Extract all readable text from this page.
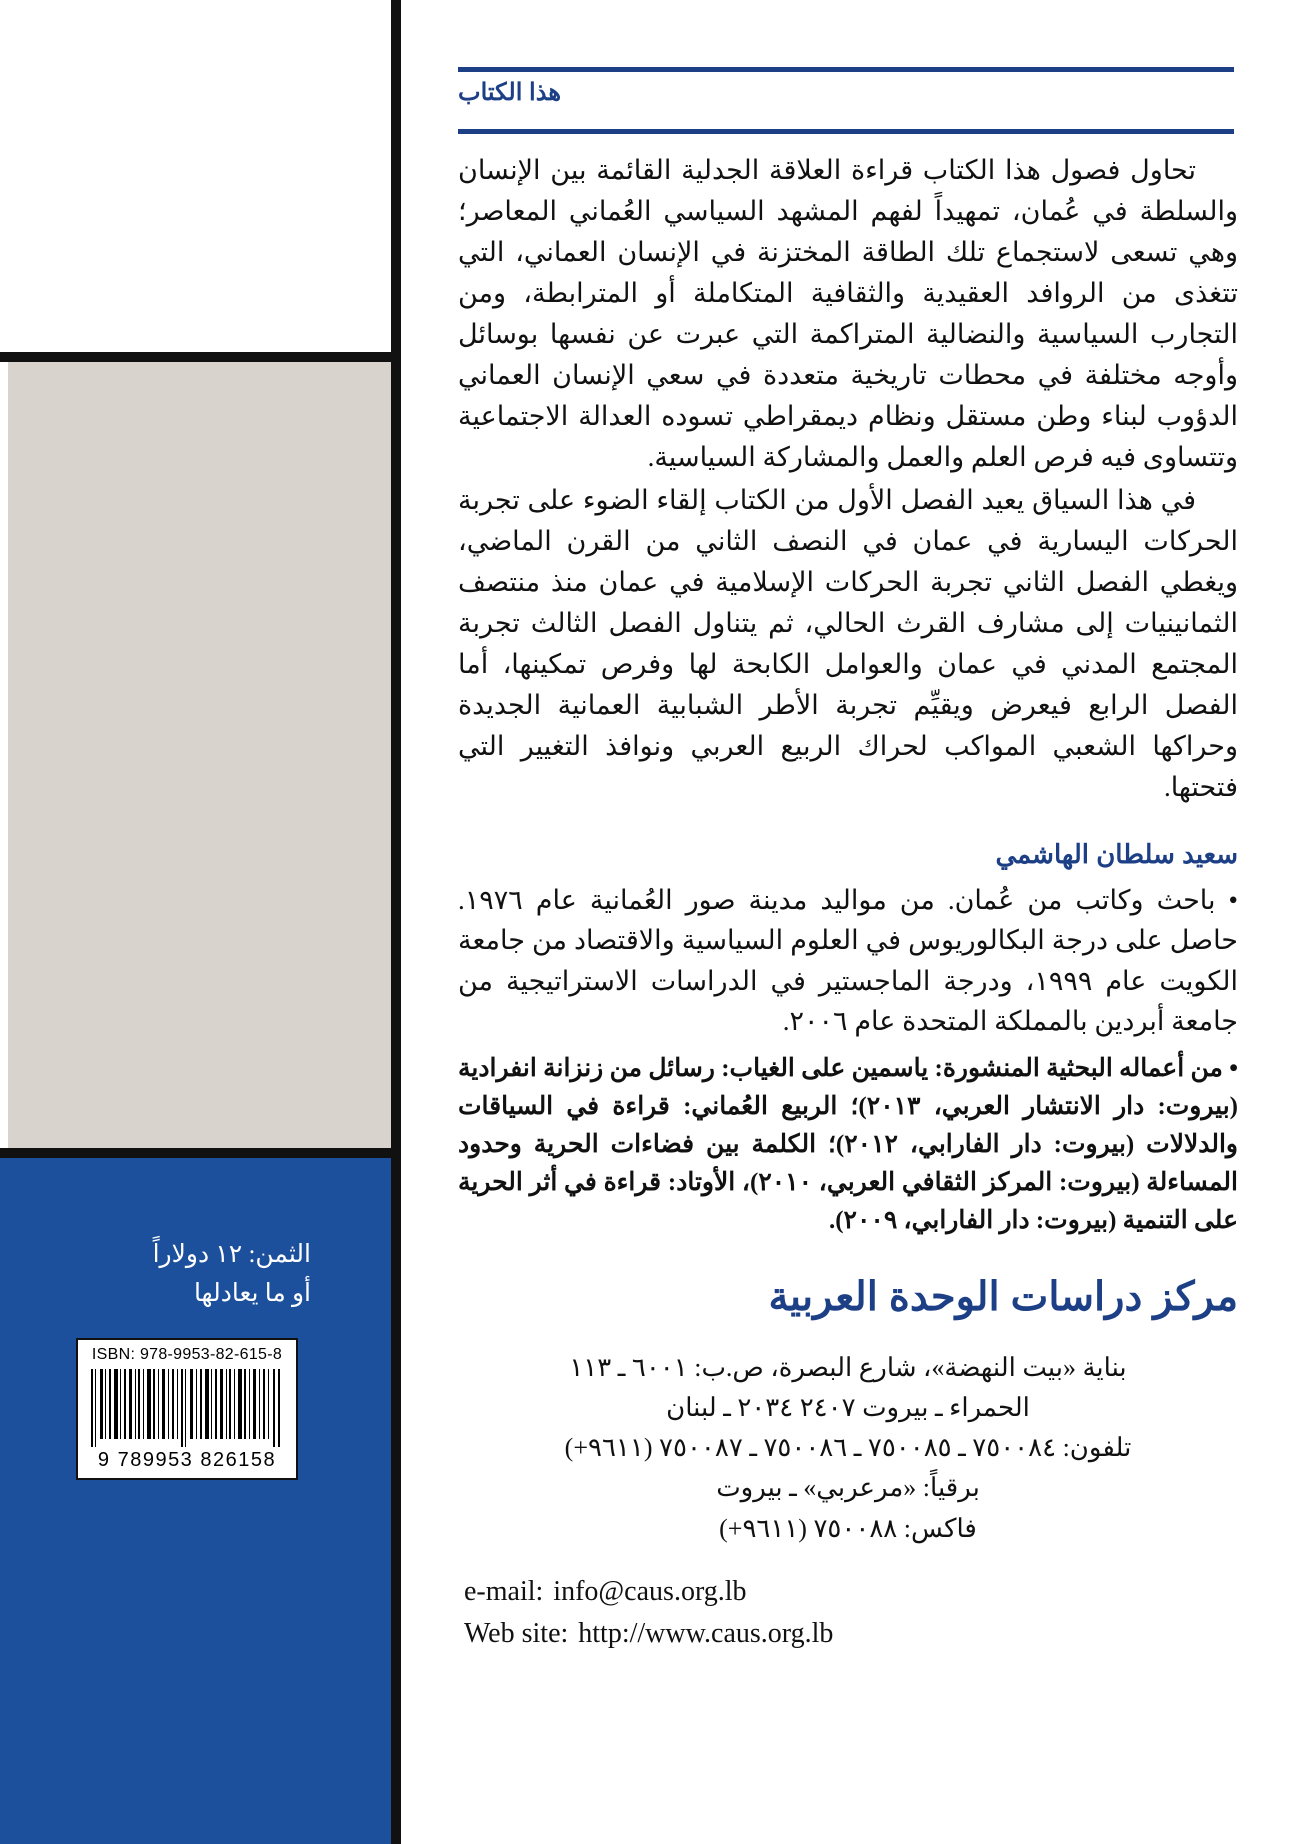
الثمن: ١٢ دولاراً
أو ما يعادلها
ISBN: 978-9953-82-615-8
9 789953 826158
هذا الكتاب

تحاول فصول هذا الكتاب قراءة العلاقة الجدلية القائمة بين الإنسان والسلطة في عُمان، تمهيداً لفهم المشهد السياسي العُماني المعاصر؛ وهي تسعى لاستجماع تلك الطاقة المختزنة في الإنسان العماني، التي تتغذى من الروافد العقيدية والثقافية المتكاملة أو المترابطة، ومن التجارب السياسية والنضالية المتراكمة التي عبرت عن نفسها بوسائل وأوجه مختلفة في محطات تاريخية متعددة في سعي الإنسان العماني الدؤوب لبناء وطن مستقل ونظام ديمقراطي تسوده العدالة الاجتماعية وتتساوى فيه فرص العلم والعمل والمشاركة السياسية.

في هذا السياق يعيد الفصل الأول من الكتاب إلقاء الضوء على تجربة الحركات اليسارية في عمان في النصف الثاني من القرن الماضي، ويغطي الفصل الثاني تجربة الحركات الإسلامية في عمان منذ منتصف الثمانينيات إلى مشارف القرث الحالي، ثم يتناول الفصل الثالث تجربة المجتمع المدني في عمان والعوامل الكابحة لها وفرص تمكينها، أما الفصل الرابع فيعرض ويقيِّم تجربة الأطر الشبابية العمانية الجديدة وحراكها الشعبي المواكب لحراك الربيع العربي ونوافذ التغيير التي فتحتها.

سعيد سلطان الهاشمي

• باحث وكاتب من عُمان. من مواليد مدينة صور العُمانية عام ١٩٧٦. حاصل على درجة البكالوريوس في العلوم السياسية والاقتصاد من جامعة الكويت عام ١٩٩٩، ودرجة الماجستير في الدراسات الاستراتيجية من جامعة أبردين بالمملكة المتحدة عام ٢٠٠٦.

• من أعماله البحثية المنشورة: ياسمين على الغياب: رسائل من زنزانة انفرادية (بيروت: دار الانتشار العربي، ٢٠١٣)؛ الربيع العُماني: قراءة في السياقات والدلالات (بيروت: دار الفارابي، ٢٠١٢)؛ الكلمة بين فضاءات الحرية وحدود المساءلة (بيروت: المركز الثقافي العربي، ٢٠١٠)، الأوتاد: قراءة في أثر الحرية على التنمية (بيروت: دار الفارابي، ٢٠٠٩).

مركز دراسات الوحدة العربية
بناية «بيت النهضة»، شارع البصرة، ص.ب: ٦٠٠١ ـ ١١٣
الحمراء ـ بيروت ٢٤٠٧ ٢٠٣٤ ـ لبنان
تلفون: ٧٥٠٠٨٤ ـ ٧٥٠٠٨٥ ـ ٧٥٠٠٨٦ ـ ٧٥٠٠٨٧ (٩٦١١+)
برقياً: «مرعربي» ـ بيروت
فاكس: ٧٥٠٠٨٨ (٩٦١١+)
e-mail: info@caus.org.lb
Web site: http://www.caus.org.lb
